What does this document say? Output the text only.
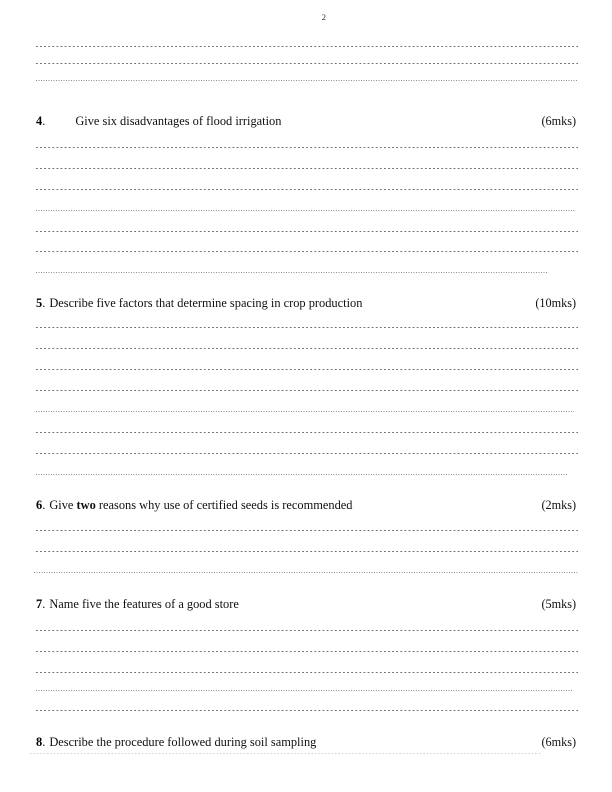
2
4 . Give six disadvantages of flood irrigation	(6mks)
5 . Describe five factors that determine spacing in crop production	(10mks)
6 . Give two reasons why use of certified seeds is recommended	(2mks)
7 . Name five the features of a good store	(5mks)
8 . Describe the procedure followed during soil sampling	(6mks)
